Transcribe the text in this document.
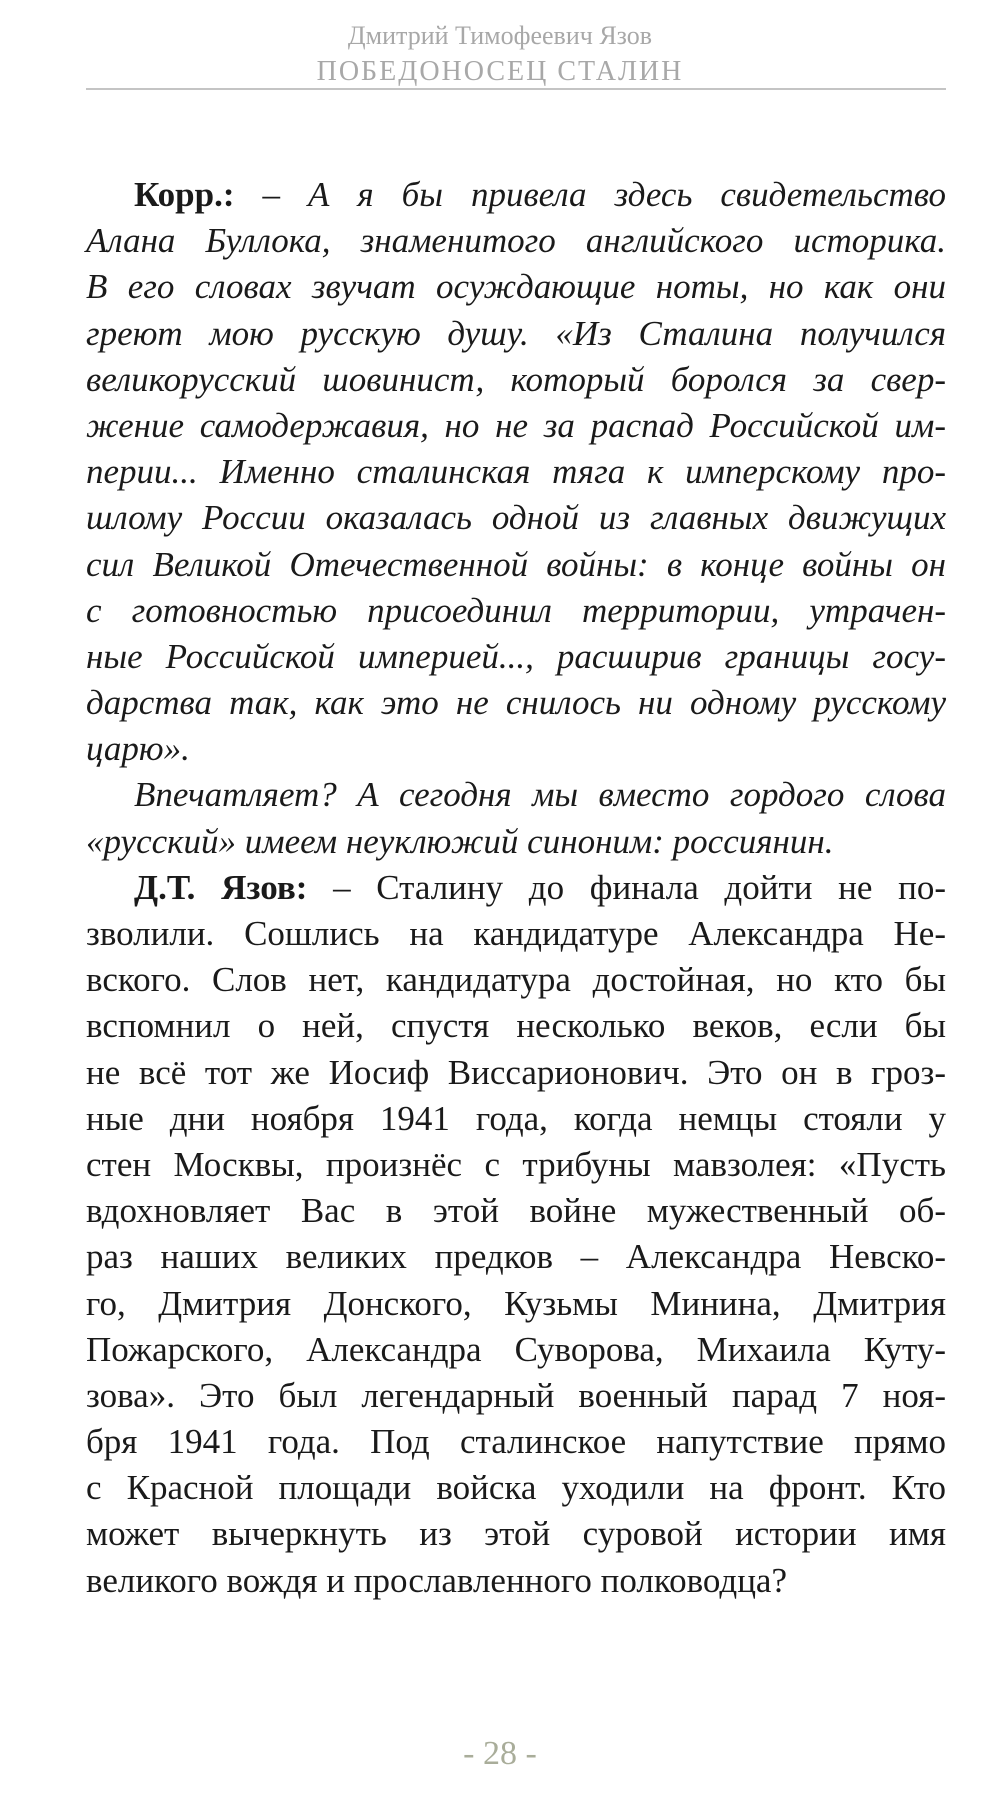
Дмитрий Тимофеевич Язов
ПОБЕДОНОСЕЦ СТАЛИН
Корр.: – А я бы привела здесь свидетельство
Алана Буллока, знаменитого английского историка.
В его словах звучат осуждающие ноты, но как они
греют мою русскую душу. «Из Сталина получился
великорусский шовинист, который боролся за свер-
жение самодержавия, но не за распад Российской им-
перии... Именно сталинская тяга к имперскому про-
шлому России оказалась одной из главных движущих
сил Великой Отечественной войны: в конце войны он
с готовностью присоединил территории, утрачен-
ные Российской империей..., расширив границы госу-
дарства так, как это не снилось ни одному русскому
царю».
Впечатляет? А сегодня мы вместо гордого слова
«русский» имеем неуклюжий синоним: россиянин.
Д.Т. Язов: – Сталину до финала дойти не по-
зволили. Сошлись на кандидатуре Александра Не-
вского. Слов нет, кандидатура достойная, но кто бы
вспомнил о ней, спустя несколько веков, если бы
не всё тот же Иосиф Виссарионович. Это он в гроз-
ные дни ноября 1941 года, когда немцы стояли у
стен Москвы, произнёс с трибуны мавзолея: «Пусть
вдохновляет Вас в этой войне мужественный об-
раз наших великих предков – Александра Невско-
го, Дмитрия Донского, Кузьмы Минина, Дмитрия
Пожарского, Александра Суворова, Михаила Куту-
зова». Это был легендарный военный парад 7 ноя-
бря 1941 года. Под сталинское напутствие прямо
с Красной площади войска уходили на фронт. Кто
может вычеркнуть из этой суровой истории имя
великого вождя и прославленного полководца?
- 28 -
